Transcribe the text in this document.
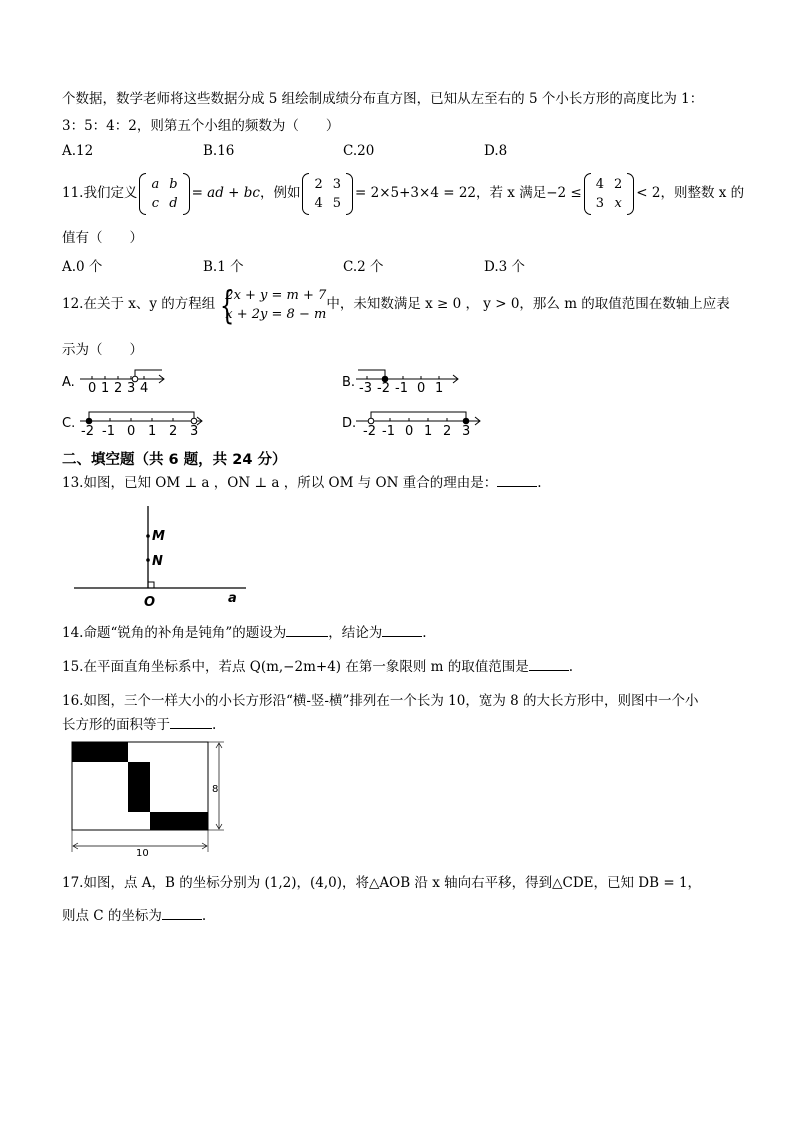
个数据，数学老师将这些数据分成 5 组绘制成绩分布直方图，已知从左至右的 5 个小长方形的高度比为 1：
3：5：4：2，则第五个小组的频数为（　　）
A.12	B.16	C.20	D.8
11.我们定义
a	b
c	d
= ad + bc，例如
2	3
4	5
= 2×5+3×4 = 22，若 x 满足−2 ≤
4	2
3	x
< 2，则整数 x 的
值有（　　）
A.0 个	B.1 个	C.2 个	D.3 个
12.在关于 x、y 的方程组 {
2x + y = m + 7
x + 2y = 8 − m
中，未知数满足 x ≥ 0 ， y > 0，那么 m 的取值范围在数轴上应表
示为（　　）
A. 0 1 2 3 4	B. -3 -2 -1 0 1
C.
-2 -1 0 1 2 3
D.
-2 -1 0 1 2 3
二、填空题（共 6 题，共 24 分）
13.如图，已知 OM ⊥ a ，ON ⊥ a ，所以 OM 与 ON 重合的理由是：	.
M
N
O	a
14.命题“锐角的补角是钝角”的题设为	，结论为	.
15.在平面直角坐标系中，若点 Q(m,−2m+4) 在第一象限则 m 的取值范围是	.
16.如图，三个一样大小的小长方形沿“横-竖-横”排列在一个长为 10，宽为 8 的大长方形中，则图中一个小
长方形的面积等于	.
8
10
17.如图，点 A，B 的坐标分别为 (1,2)，(4,0)，将△AOB 沿 x 轴向右平移，得到△CDE，已知 DB = 1，
则点 C 的坐标为	.
